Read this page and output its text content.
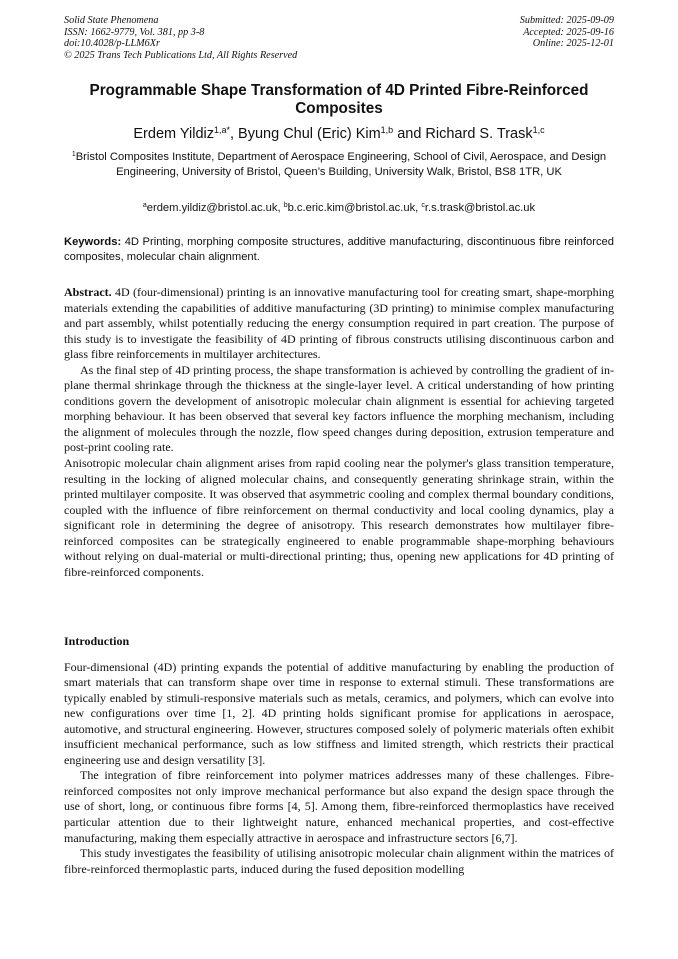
Solid State Phenomena
ISSN: 1662-9779, Vol. 381, pp 3-8
doi:10.4028/p-LLM6Xr
© 2025 Trans Tech Publications Ltd, All Rights Reserved
Submitted: 2025-09-09
Accepted: 2025-09-16
Online: 2025-12-01
Programmable Shape Transformation of 4D Printed Fibre-Reinforced Composites
Erdem Yildiz$^{1,a*}$, Byung Chul (Eric) Kim$^{1,b}$ and Richard S. Trask$^{1,c}$
$^1$Bristol Composites Institute, Department of Aerospace Engineering, School of Civil, Aerospace, and Design Engineering, University of Bristol, Queen’s Building, University Walk, Bristol, BS8 1TR, UK
$^a$erdem.yildiz@bristol.ac.uk, $^b$b.c.eric.kim@bristol.ac.uk, $^c$r.s.trask@bristol.ac.uk
Keywords: 4D Printing, morphing composite structures, additive manufacturing, discontinuous fibre reinforced composites, molecular chain alignment.

Abstract. 4D (four-dimensional) printing is an innovative manufacturing tool for creating smart, shape-morphing materials extending the capabilities of additive manufacturing (3D printing) to minimise complex manufacturing and part assembly, whilst potentially reducing the energy consumption required in part creation. The purpose of this study is to investigate the feasibility of 4D printing of fibrous constructs utilising discontinuous carbon and glass fibre reinforcements in multilayer architectures.

As the final step of 4D printing process, the shape transformation is achieved by controlling the gradient of in-plane thermal shrinkage through the thickness at the single-layer level. A critical understanding of how printing conditions govern the development of anisotropic molecular chain alignment is essential for achieving targeted morphing behaviour. It has been observed that several key factors influence the morphing mechanism, including the alignment of molecules through the nozzle, flow speed changes during deposition, extrusion temperature and post-print cooling rate.

Anisotropic molecular chain alignment arises from rapid cooling near the polymer's glass transition temperature, resulting in the locking of aligned molecular chains, and consequently generating shrinkage strain, within the printed multilayer composite. It was observed that asymmetric cooling and complex thermal boundary conditions, coupled with the influence of fibre reinforcement on thermal conductivity and local cooling dynamics, play a significant role in determining the degree of anisotropy. This research demonstrates how multilayer fibre-reinforced composites can be strategically engineered to enable programmable shape-morphing behaviours without relying on dual-material or multi-directional printing; thus, opening new applications for 4D printing of fibre-reinforced components.

Introduction

Four-dimensional (4D) printing expands the potential of additive manufacturing by enabling the production of smart materials that can transform shape over time in response to external stimuli. These transformations are typically enabled by stimuli-responsive materials such as metals, ceramics, and polymers, which can evolve into new configurations over time [1, 2]. 4D printing holds significant promise for applications in aerospace, automotive, and structural engineering. However, structures composed solely of polymeric materials often exhibit insufficient mechanical performance, such as low stiffness and limited strength, which restricts their practical engineering use and design versatility [3].

The integration of fibre reinforcement into polymer matrices addresses many of these challenges. Fibre-reinforced composites not only improve mechanical performance but also expand the design space through the use of short, long, or continuous fibre forms [4, 5]. Among them, fibre-reinforced thermoplastics have received particular attention due to their lightweight nature, enhanced mechanical properties, and cost-effective manufacturing, making them especially attractive in aerospace and infrastructure sectors [6,7].

This study investigates the feasibility of utilising anisotropic molecular chain alignment within the matrices of fibre-reinforced thermoplastic parts, induced during the fused deposition modelling
